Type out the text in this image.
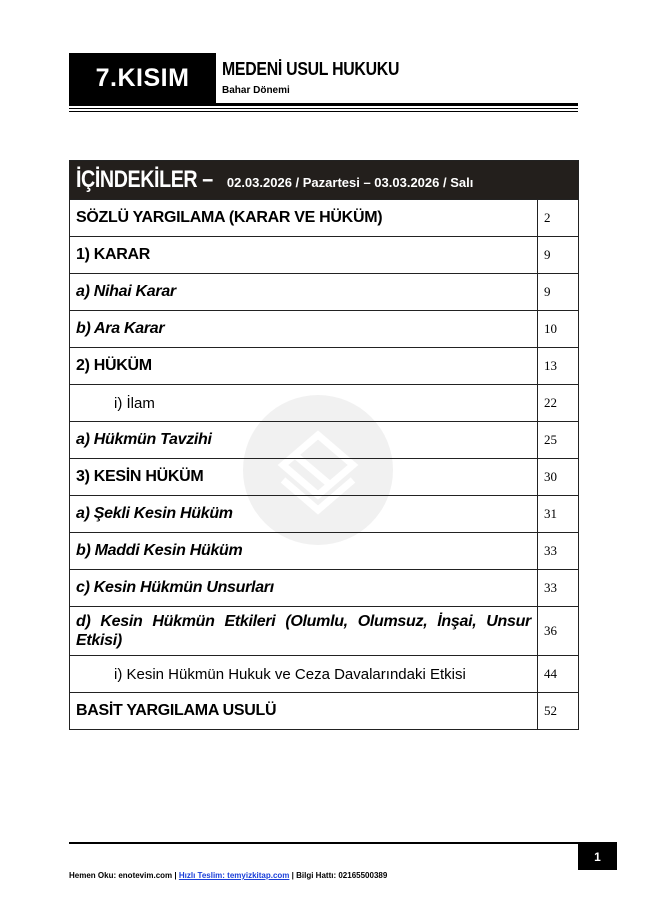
7.KISIM	MEDENİ USUL HUKUKU
Bahar Dönemi
İÇİNDEKİLER – 02.03.2026 / Pazartesi – 03.03.2026 / Salı	

SÖZLÜ YARGILAMA (KARAR VE HÜKÜM)	2
1) KARAR	9
a) Nihai Karar	9
b) Ara Karar	10
2) HÜKÜM	13
i) İlam	22
a) Hükmün Tavzihi	25
3) KESİN HÜKÜM	30
a) Şekli Kesin Hüküm	31
b) Maddi Kesin Hüküm	33
c) Kesin Hükmün Unsurları	33
d) Kesin Hükmün Etkileri (Olumlu, Olumsuz, İnşai, Unsur Etkisi)	36
i) Kesin Hükmün Hukuk ve Ceza Davalarındaki Etkisi	44
BASİT YARGILAMA USULÜ	52
1
Hemen Oku: enotevim.com | Hızlı Teslim: temyizkitap.com | Bilgi Hattı: 02165500389
